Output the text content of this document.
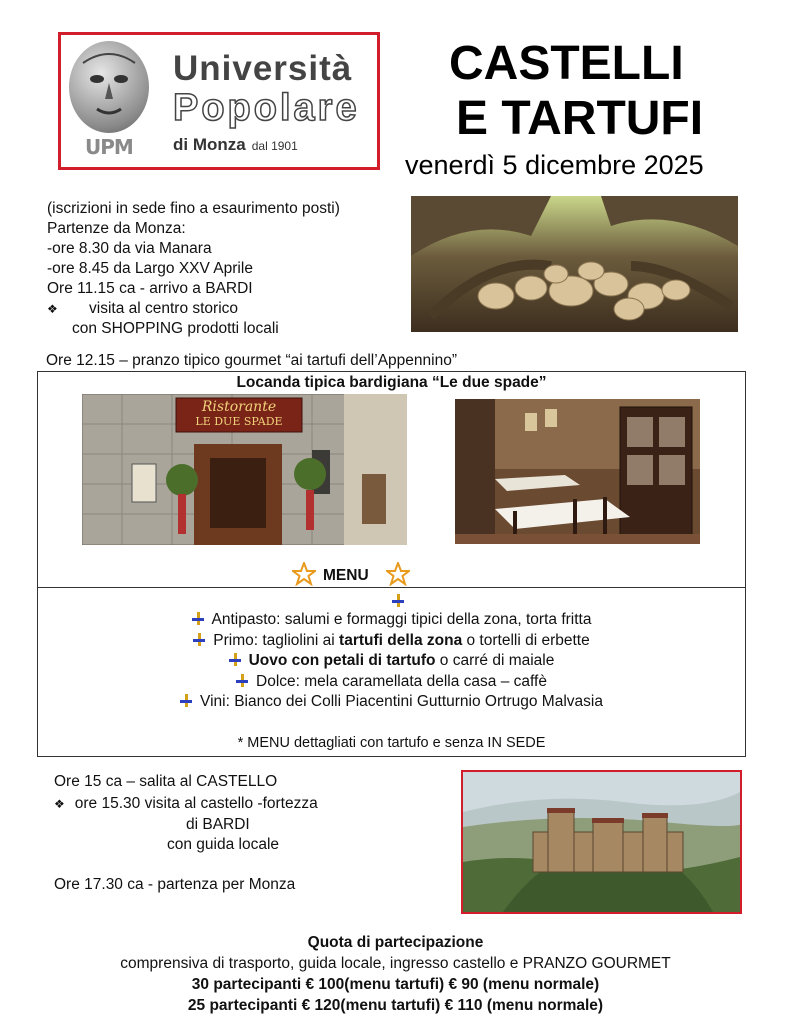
UPM
Università
Popolare
di Monza dal 1901
CASTELLI
E TARTUFI
venerdì 5 dicembre 2025
(iscrizioni in sede fino a esaurimento posti)
Partenze da Monza:
-ore 8.30 da via Manara
-ore 8.45 da Largo XXV Aprile
Ore 11.15 ca - arrivo a BARDI
❖ visita al centro storico
con SHOPPING prodotti locali
Ore 12.15 – pranzo tipico gourmet “ai tartufi dell’Appennino”
Locanda tipica bardigiana “Le due spade”
Ristorante
LE DUE SPADE
MENU
Antipasto: salumi e formaggi tipici della zona, torta fritta
Primo: tagliolini ai tartufi della zona o tortelli di erbette
Uovo con petali di tartufo o carré di maiale
Dolce: mela caramellata della casa – caffè
Vini: Bianco dei Colli Piacentini Gutturnio Ortrugo Malvasia
* MENU dettagliati con tartufo e senza IN SEDE
Ore 15 ca – salita al CASTELLO
❖ ore 15.30 visita al castello -fortezza
di BARDI
con guida locale
Ore 17.30 ca - partenza per Monza
Quota di partecipazione
comprensiva di trasporto, guida locale, ingresso castello e PRANZO GOURMET
30 partecipanti € 100(menu tartufi) € 90 (menu normale)
25 partecipanti € 120(menu tartufi) € 110 (menu normale)
